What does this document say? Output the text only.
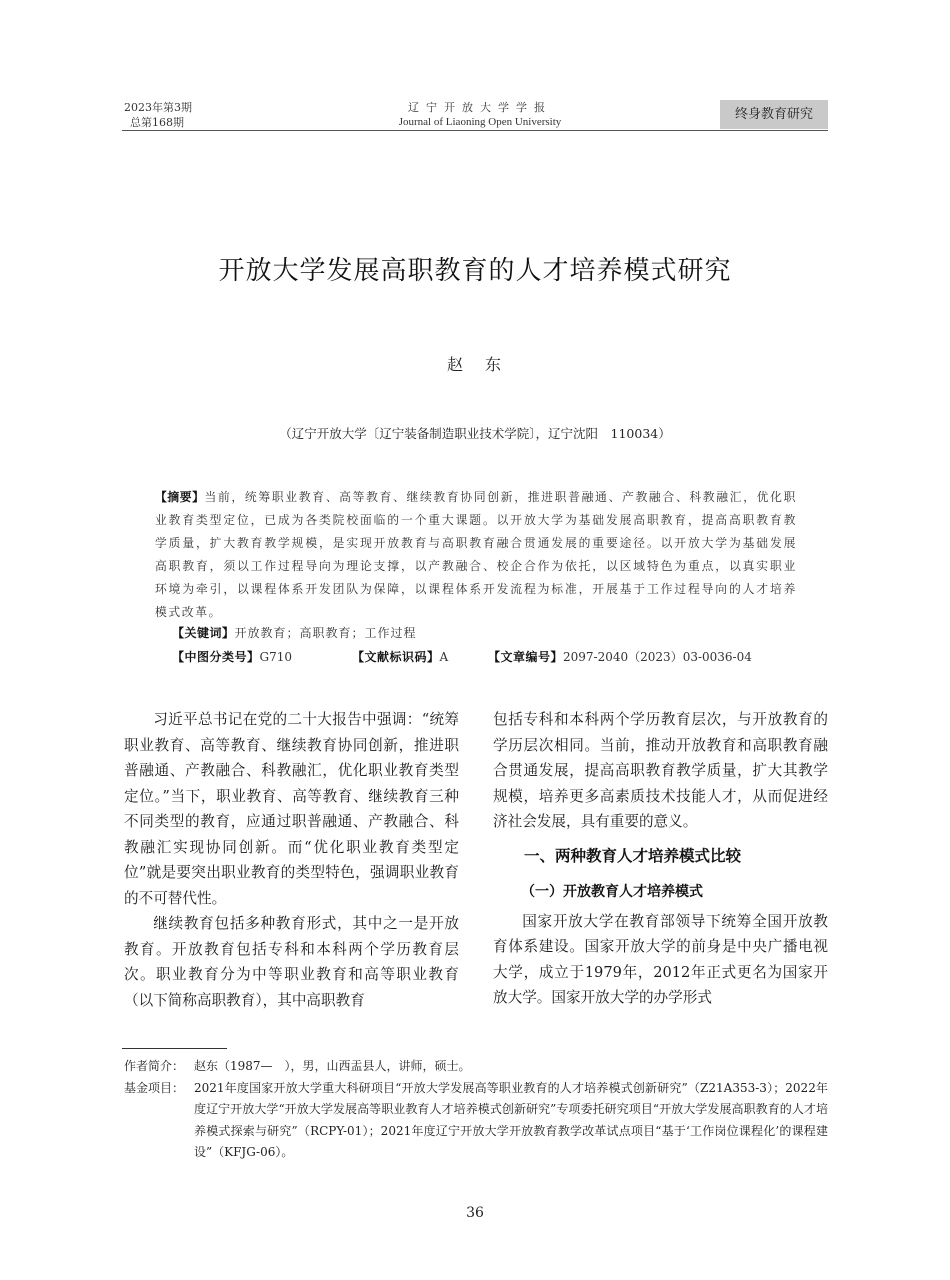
2023年第3期
总第168期
辽宁开放大学学报
Journal of Liaoning Open University	终身教育研究
开放大学发展高职教育的人才培养模式研究
赵东
（辽宁开放大学〔辽宁装备制造职业技术学院〕，辽宁沈阳　110034）
【摘要】当前，统筹职业教育、高等教育、继续教育协同创新，推进职普融通、产教融合、科教融汇，优化职业教育类型定位，已成为各类院校面临的一个重大课题。以开放大学为基础发展高职教育，提高高职教育教学质量，扩大教育教学规模，是实现开放教育与高职教育融合贯通发展的重要途径。以开放大学为基础发展高职教育，须以工作过程导向为理论支撑，以产教融合、校企合作为依托，以区域特色为重点，以真实职业环境为牵引，以课程体系开发团队为保障，以课程体系开发流程为标准，开展基于工作过程导向的人才培养模式改革。
【关键词】开放教育；高职教育；工作过程
【中图分类号】G710	【文献标识码】A	【文章编号】2097-2040（2023）03-0036-04

习近平总书记在党的二十大报告中强调：“统筹职业教育、高等教育、继续教育协同创新，推进职普融通、产教融合、科教融汇，优化职业教育类型定位。”当下，职业教育、高等教育、继续教育三种不同类型的教育，应通过职普融通、产教融合、科教融汇实现协同创新。而“优化职业教育类型定位”就是要突出职业教育的类型特色，强调职业教育的不可替代性。

继续教育包括多种教育形式，其中之一是开放教育。开放教育包括专科和本科两个学历教育层次。职业教育分为中等职业教育和高等职业教育（以下简称高职教育），其中高职教育

包括专科和本科两个学历教育层次，与开放教育的学历层次相同。当前，推动开放教育和高职教育融合贯通发展，提高高职教育教学质量，扩大其教学规模，培养更多高素质技术技能人才，从而促进经济社会发展，具有重要的意义。

一、两种教育人才培养模式比较
（一）开放教育人才培养模式

国家开放大学在教育部领导下统筹全国开放教育体系建设。国家开放大学的前身是中央广播电视大学，成立于1979年，2012年正式更名为国家开放大学。国家开放大学的办学形式

作者简介： 赵东（1987—　），男，山西盂县人，讲师，硕士。
基金项目： 2021年度国家开放大学重大科研项目“开放大学发展高等职业教育的人才培养模式创新研究”（Z21A353-3）；2022年度辽宁开放大学“开放大学发展高等职业教育人才培养模式创新研究”专项委托研究项目“开放大学发展高职教育的人才培养模式探索与研究”（RCPY-01）；2021年度辽宁开放大学开放教育教学改革试点项目“基于‘工作岗位课程化’的课程建设”（KFJG-06）。
36
